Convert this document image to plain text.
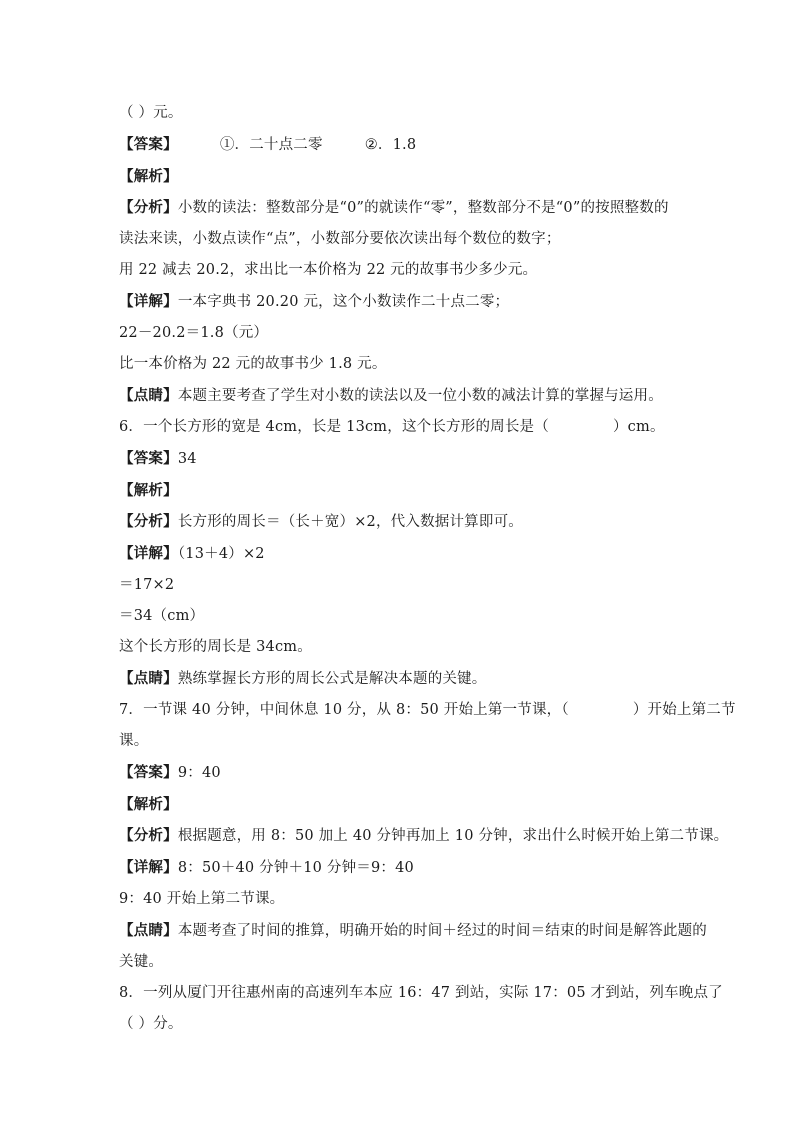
（ ）元。
【答案】	①．二十点二零	②．1.8
【解析】
【分析】小数的读法：整数部分是“0”的就读作“零”，整数部分不是“0”的按照整数的
读法来读，小数点读作“点”，小数部分要依次读出每个数位的数字；
用 22 减去 20.2，求出比一本价格为 22 元的故事书少多少元。
【详解】一本字典书 20.20 元，这个小数读作二十点二零；
22－20.2＝1.8（元）
比一本价格为 22 元的故事书少 1.8 元。
【点睛】本题主要考查了学生对小数的读法以及一位小数的减法计算的掌握与运用。
6．一个长方形的宽是 4cm，长是 13cm，这个长方形的周长是（	）cm。
【答案】34
【解析】
【分析】长方形的周长＝（长＋宽）×2，代入数据计算即可。
【详解】（13＋4）×2
＝17×2
＝34（cm）
这个长方形的周长是 34cm。
【点睛】熟练掌握长方形的周长公式是解决本题的关键。
7．一节课 40 分钟，中间休息 10 分，从 8：50 开始上第一节课，（	）开始上第二节
课。
【答案】9：40
【解析】
【分析】根据题意，用 8：50 加上 40 分钟再加上 10 分钟，求出什么时候开始上第二节课。
【详解】8：50＋40 分钟＋10 分钟＝9：40
9：40 开始上第二节课。
【点睛】本题考查了时间的推算，明确开始的时间＋经过的时间＝结束的时间是解答此题的
关键。
8．一列从厦门开往惠州南的高速列车本应 16：47 到站，实际 17：05 才到站，列车晚点了
（ ）分。
